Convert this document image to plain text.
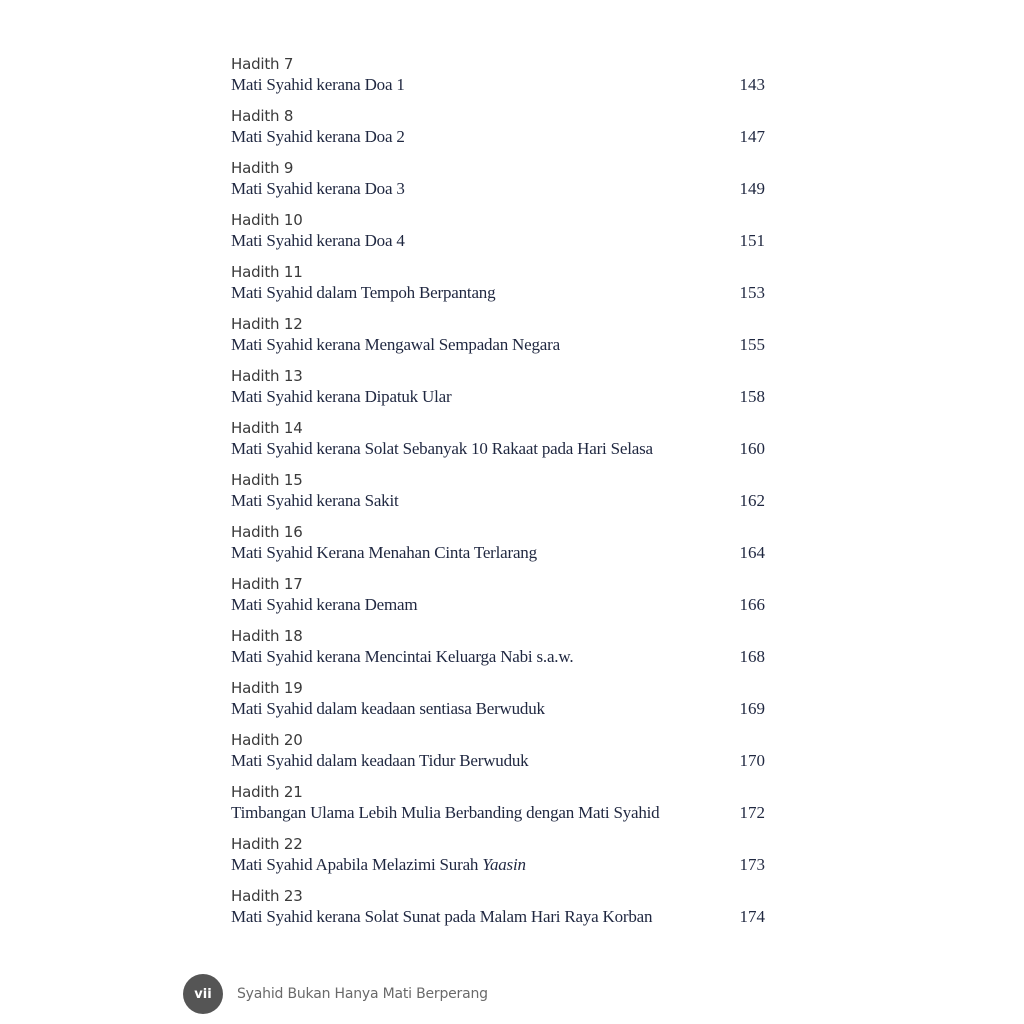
Hadith 7
Mati Syahid kerana Doa 1	143
Hadith 8
Mati Syahid kerana Doa 2	147
Hadith 9
Mati Syahid kerana Doa 3	149
Hadith 10
Mati Syahid kerana Doa 4	151
Hadith 11
Mati Syahid dalam Tempoh Berpantang	153
Hadith 12
Mati Syahid kerana Mengawal Sempadan Negara	155
Hadith 13
Mati Syahid kerana Dipatuk Ular	158
Hadith 14
Mati Syahid kerana Solat Sebanyak 10 Rakaat pada Hari Selasa	160
Hadith 15
Mati Syahid kerana Sakit	162
Hadith 16
Mati Syahid Kerana Menahan Cinta Terlarang	164
Hadith 17
Mati Syahid kerana Demam	166
Hadith 18
Mati Syahid kerana Mencintai Keluarga Nabi s.a.w.	168
Hadith 19
Mati Syahid dalam keadaan sentiasa Berwuduk	169
Hadith 20
Mati Syahid dalam keadaan Tidur Berwuduk	170
Hadith 21
Timbangan Ulama Lebih Mulia Berbanding dengan Mati Syahid	172
Hadith 22
Mati Syahid Apabila Melazimi Surah Yaasin	173
Hadith 23
Mati Syahid kerana Solat Sunat pada Malam Hari Raya Korban	174
vii	Syahid Bukan Hanya Mati Berperang
